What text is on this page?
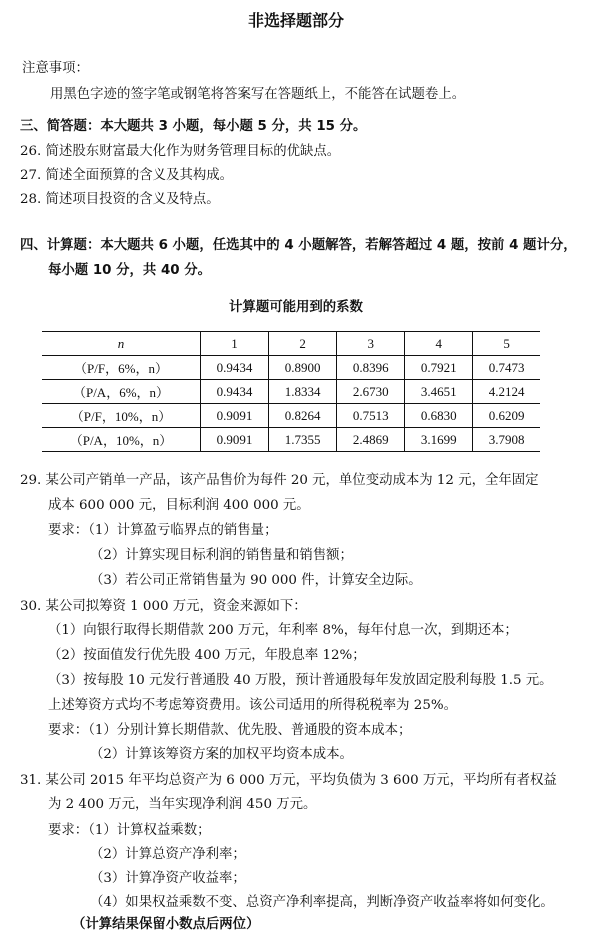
非选择题部分
注意事项：
用黑色字迹的签字笔或钢笔将答案写在答题纸上，不能答在试题卷上。
三、简答题：本大题共 3 小题，每小题 5 分，共 15 分。
26. 简述股东财富最大化作为财务管理目标的优缺点。
27. 简述全面预算的含义及其构成。
28. 简述项目投资的含义及特点。
四、计算题：本大题共 6 小题，任选其中的 4 小题解答，若解答超过 4 题，按前 4 题计分，
每小题 10 分，共 40 分。
计算题可能用到的系数
n	1	2	3	4	5
（P/F，6%，n）	0.9434	0.8900	0.8396	0.7921	0.7473
（P/A，6%，n）	0.9434	1.8334	2.6730	3.4651	4.2124
（P/F，10%，n）	0.9091	0.8264	0.7513	0.6830	0.6209
（P/A，10%，n）	0.9091	1.7355	2.4869	3.1699	3.7908
29. 某公司产销单一产品，该产品售价为每件 20 元，单位变动成本为 12 元，全年固定
成本 600 000 元，目标利润 400 000 元。
要求：（1）计算盈亏临界点的销售量；
（2）计算实现目标利润的销售量和销售额；
（3）若公司正常销售量为 90 000 件，计算安全边际。
30. 某公司拟筹资 1 000 万元，资金来源如下：
（1）向银行取得长期借款 200 万元，年利率 8%，每年付息一次，到期还本；
（2）按面值发行优先股 400 万元，年股息率 12%；
（3）按每股 10 元发行普通股 40 万股，预计普通股每年发放固定股利每股 1.5 元。
上述筹资方式均不考虑筹资费用。该公司适用的所得税税率为 25%。
要求：（1）分别计算长期借款、优先股、普通股的资本成本；
（2）计算该筹资方案的加权平均资本成本。
31. 某公司 2015 年平均总资产为 6 000 万元，平均负债为 3 600 万元，平均所有者权益
为 2 400 万元，当年实现净利润 450 万元。
要求：（1）计算权益乘数；
（2）计算总资产净利率；
（3）计算净资产收益率；
（4）如果权益乘数不变、总资产净利率提高，判断净资产收益率将如何变化。
（计算结果保留小数点后两位）
